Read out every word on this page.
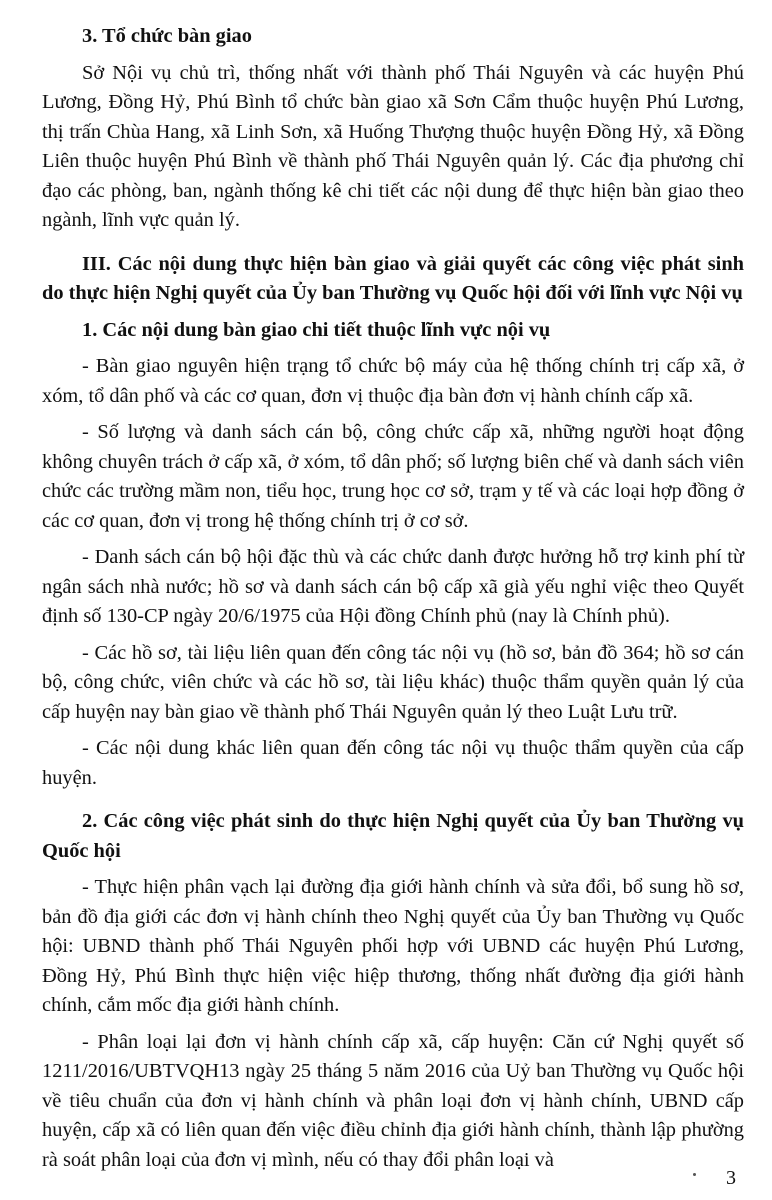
3. Tổ chức bàn giao

Sở Nội vụ chủ trì, thống nhất với thành phố Thái Nguyên và các huyện Phú Lương, Đồng Hỷ, Phú Bình tổ chức bàn giao xã Sơn Cẩm thuộc huyện Phú Lương, thị trấn Chùa Hang, xã Linh Sơn, xã Huống Thượng thuộc huyện Đồng Hỷ, xã Đồng Liên thuộc huyện Phú Bình về thành phố Thái Nguyên quản lý. Các địa phương chỉ đạo các phòng, ban, ngành thống kê chi tiết các nội dung để thực hiện bàn giao theo ngành, lĩnh vực quản lý.

III. Các nội dung thực hiện bàn giao và giải quyết các công việc phát sinh do thực hiện Nghị quyết của Ủy ban Thường vụ Quốc hội đối với lĩnh vực Nội vụ

1. Các nội dung bàn giao chi tiết thuộc lĩnh vực nội vụ

- Bàn giao nguyên hiện trạng tổ chức bộ máy của hệ thống chính trị cấp xã, ở xóm, tổ dân phố và các cơ quan, đơn vị thuộc địa bàn đơn vị hành chính cấp xã.

- Số lượng và danh sách cán bộ, công chức cấp xã, những người hoạt động không chuyên trách ở cấp xã, ở xóm, tổ dân phố; số lượng biên chế và danh sách viên chức các trường mầm non, tiểu học, trung học cơ sở, trạm y tế và các loại hợp đồng ở các cơ quan, đơn vị trong hệ thống chính trị ở cơ sở.

- Danh sách cán bộ hội đặc thù và các chức danh được hưởng hỗ trợ kinh phí từ ngân sách nhà nước; hồ sơ và danh sách cán bộ cấp xã già yếu nghỉ việc theo Quyết định số 130-CP ngày 20/6/1975 của Hội đồng Chính phủ (nay là Chính phủ).

- Các hồ sơ, tài liệu liên quan đến công tác nội vụ (hồ sơ, bản đồ 364; hồ sơ cán bộ, công chức, viên chức và các hồ sơ, tài liệu khác) thuộc thẩm quyền quản lý của cấp huyện nay bàn giao về thành phố Thái Nguyên quản lý theo Luật Lưu trữ.

- Các nội dung khác liên quan đến công tác nội vụ thuộc thẩm quyền của cấp huyện.

2. Các công việc phát sinh do thực hiện Nghị quyết của Ủy ban Thường vụ Quốc hội

- Thực hiện phân vạch lại đường địa giới hành chính và sửa đổi, bổ sung hồ sơ, bản đồ địa giới các đơn vị hành chính theo Nghị quyết của Ủy ban Thường vụ Quốc hội: UBND thành phố Thái Nguyên phối hợp với UBND các huyện Phú Lương, Đồng Hỷ, Phú Bình thực hiện việc hiệp thương, thống nhất đường địa giới hành chính, cắm mốc địa giới hành chính.

- Phân loại lại đơn vị hành chính cấp xã, cấp huyện: Căn cứ Nghị quyết số 1211/2016/UBTVQH13 ngày 25 tháng 5 năm 2016 của Uỷ ban Thường vụ Quốc hội về tiêu chuẩn của đơn vị hành chính và phân loại đơn vị hành chính, UBND cấp huyện, cấp xã có liên quan đến việc điều chỉnh địa giới hành chính, thành lập phường rà soát phân loại của đơn vị mình, nếu có thay đổi phân loại và

3
